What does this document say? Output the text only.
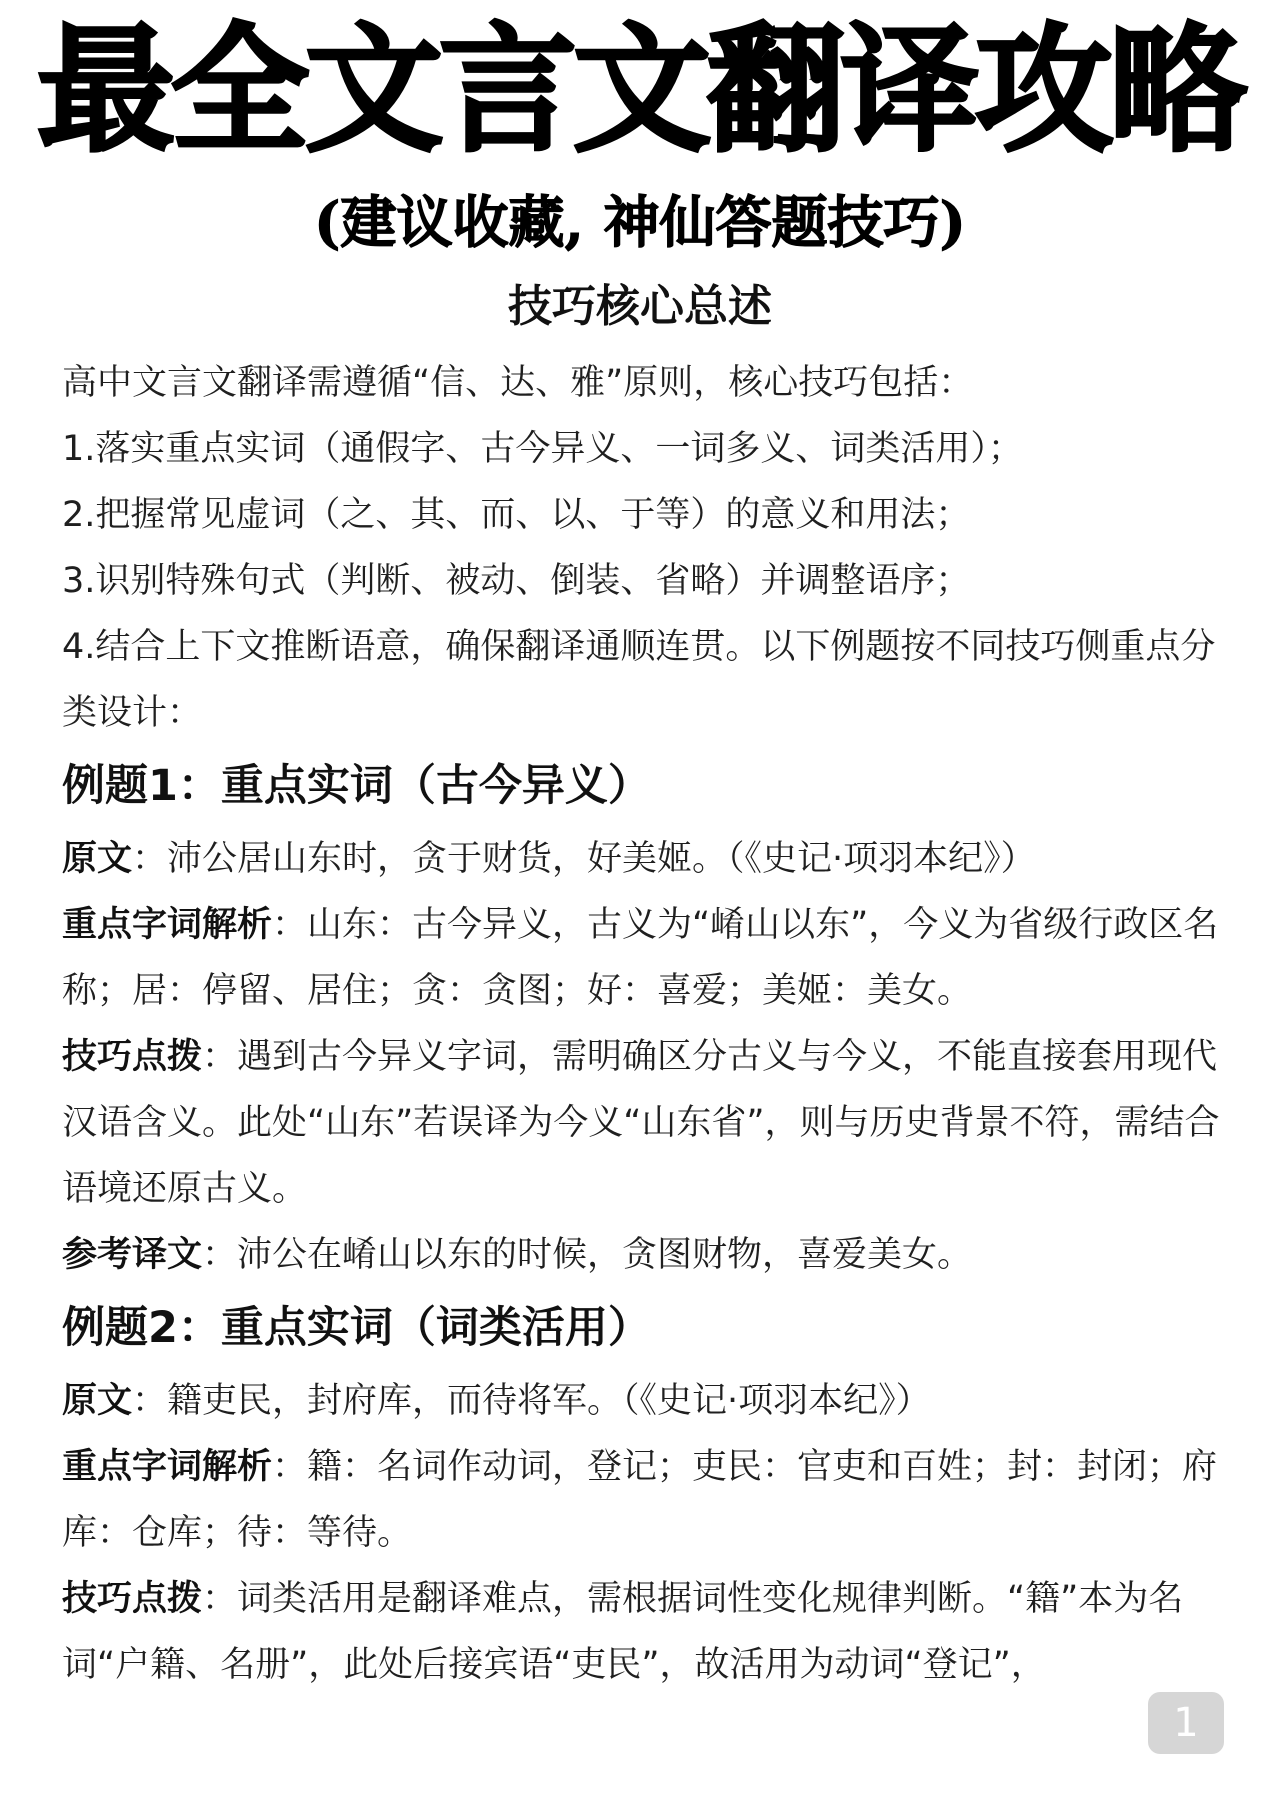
最全文言文翻译攻略
(建议收藏, 神仙答题技巧)
技巧核心总述

高中文言文翻译需遵循“信、达、雅”原则，核心技巧包括：

1.落实重点实词（通假字、古今异义、一词多义、词类活用）；

2.把握常见虚词（之、其、而、以、于等）的意义和用法；

3.识别特殊句式（判断、被动、倒装、省略）并调整语序；

4.结合上下文推断语意，确保翻译通顺连贯。以下例题按不同技巧侧重点分类设计：

例题1：重点实词（古今异义）

原文：沛公居山东时，贪于财货，好美姬。（《史记·项羽本纪》）

重点字词解析：山东：古今异义，古义为“崤山以东”，今义为省级行政区名称；居：停留、居住；贪：贪图；好：喜爱；美姬：美女。

技巧点拨：遇到古今异义字词，需明确区分古义与今义，不能直接套用现代汉语含义。此处“山东”若误译为今义“山东省”，则与历史背景不符，需结合语境还原古义。

参考译文：沛公在崤山以东的时候，贪图财物，喜爱美女。

例题2：重点实词（词类活用）

原文：籍吏民，封府库，而待将军。（《史记·项羽本纪》）

重点字词解析：籍：名词作动词，登记；吏民：官吏和百姓；封：封闭；府库：仓库；待：等待。

技巧点拨：词类活用是翻译难点，需根据词性变化规律判断。“籍”本为名词“户籍、名册”，此处后接宾语“吏民”，故活用为动词“登记”，

1
